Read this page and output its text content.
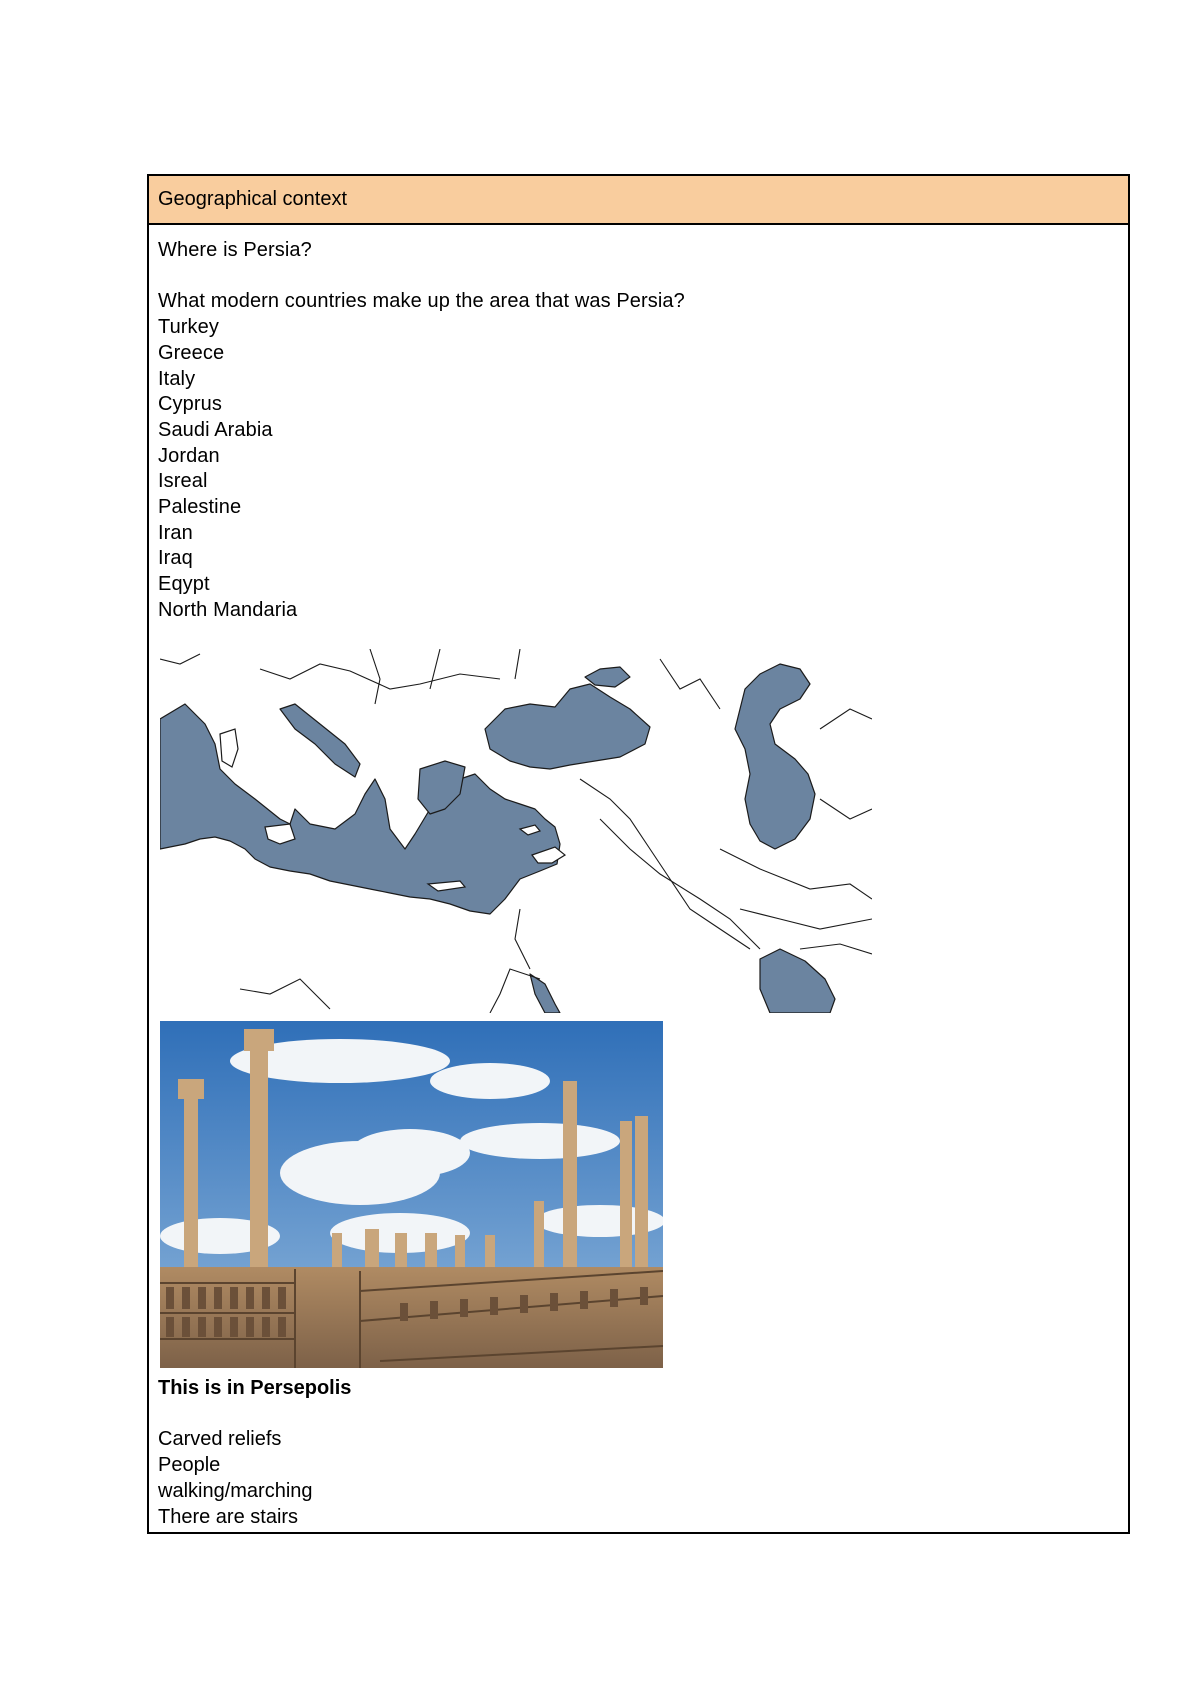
Geographical context
Where is Persia?
What modern countries make up the area that was Persia?
Turkey
Greece
Italy
Cyprus
Saudi Arabia
Jordan
Isreal
Palestine
Iran
Iraq
Eqypt
North Mandaria
This is in Persepolis
Carved reliefs
People
walking/marching
There are stairs
